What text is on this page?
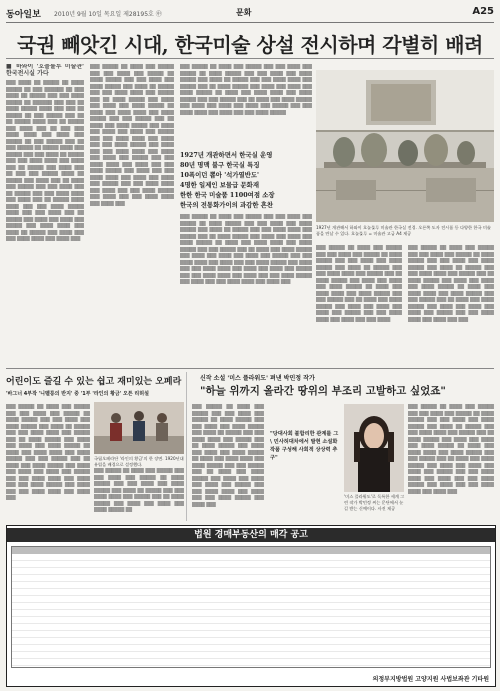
동아일보 2010년 9월 10일 목요일 제28195호 ㊥	문화	A25
국권 빼앗긴 시대, 한국미술 상설 전시하며 각별히 배려
■ 하와이 '호놀룰루 미술관' 한국전시실 가다

▒▒▒ ▒▒▒▒ ▒▒ ▒▒▒▒▒ ▒▒ ▒▒▒▒ ▒▒▒▒▒ ▒▒ ▒▒▒ ▒▒▒▒▒▒ ▒▒ ▒▒▒ ▒▒▒▒ ▒▒ ▒▒▒▒▒ ▒▒▒ ▒▒▒ ▒▒▒▒ ▒▒▒▒▒ ▒▒ ▒▒▒▒▒▒ ▒▒▒ ▒▒▒ ▒▒ ▒▒▒▒ ▒▒▒▒▒ ▒▒▒▒ ▒▒▒ ▒▒▒ ▒▒ ▒▒▒▒▒ ▒▒ ▒▒▒ ▒▒▒▒▒ ▒▒▒ ▒▒ ▒▒ ▒▒▒▒▒ ▒▒▒▒ ▒▒▒ ▒▒ ▒▒▒▒▒ ▒▒▒ ▒▒▒▒ ▒▒▒ ▒▒ ▒▒▒ ▒▒▒ ▒▒▒▒ ▒▒▒▒ ▒▒▒ ▒▒▒▒ ▒▒▒ ▒▒▒▒▒ ▒▒ ▒▒▒ ▒▒▒▒▒ ▒▒▒ ▒▒ ▒▒▒ ▒▒▒▒▒ ▒▒ ▒▒▒▒▒ ▒▒▒▒ ▒▒▒ ▒▒▒▒▒ ▒▒▒ ▒▒▒ ▒▒▒▒ ▒▒ ▒▒▒▒▒ ▒▒▒ ▒▒▒ ▒▒▒▒ ▒▒▒▒ ▒▒▒ ▒▒▒▒ ▒▒▒ ▒▒ ▒▒▒▒▒ ▒▒▒ ▒▒▒▒ ▒▒▒ ▒▒ ▒▒▒ ▒▒▒ ▒▒▒▒▒ ▒▒▒▒ ▒▒ ▒▒▒▒▒ ▒▒▒ ▒▒▒▒ ▒▒▒ ▒▒ ▒▒▒▒ ▒▒▒ ▒▒▒▒▒ ▒▒▒ ▒▒▒ ▒▒▒▒ ▒▒▒ ▒▒ ▒▒▒▒▒ ▒▒▒ ▒▒▒ ▒▒▒▒ ▒▒▒▒ ▒▒▒ ▒▒▒▒ ▒▒▒ ▒▒ ▒▒▒▒▒ ▒▒▒▒ ▒▒▒▒ ▒▒▒ ▒▒▒ ▒▒▒▒ ▒▒▒▒▒ ▒▒▒▒ ▒▒▒ ▒▒▒ ▒▒▒▒ ▒▒▒ ▒▒ ▒▒▒▒▒ ▒▒▒ ▒▒▒▒ ▒▒▒ ▒▒▒▒ ▒▒▒ ▒▒▒▒▒ ▒▒▒ ▒▒▒▒ ▒▒▒▒ ▒▒▒ ▒▒▒▒ ▒▒ ▒▒▒▒▒ ▒▒▒ ▒▒▒▒ ▒▒▒ ▒▒▒ ▒▒▒▒ ▒▒▒▒ ▒▒▒ ▒▒▒▒ ▒▒▒

▒▒▒ ▒▒▒▒▒ ▒▒ ▒▒▒▒ ▒▒▒ ▒▒▒▒▒ ▒▒▒ ▒▒▒ ▒▒▒▒ ▒▒▒ ▒▒▒▒▒ ▒▒ ▒▒▒▒ ▒▒▒▒▒ ▒▒▒ ▒▒▒ ▒▒▒▒ ▒▒▒ ▒▒▒▒ ▒▒▒▒▒ ▒▒▒ ▒▒▒▒ ▒▒ ▒▒▒▒▒ ▒▒▒ ▒▒▒ ▒▒▒▒ ▒▒▒▒ ▒▒▒ ▒▒▒▒▒ ▒▒▒ ▒▒ ▒▒▒▒ ▒▒▒▒▒ ▒▒▒ ▒▒▒▒ ▒▒▒ ▒▒▒▒ ▒▒▒ ▒▒▒▒ ▒▒▒▒▒ ▒▒ ▒▒▒▒ ▒▒▒ ▒▒▒▒ ▒▒▒▒ ▒▒▒ ▒▒▒▒ ▒▒▒▒▒ ▒▒▒ ▒▒▒ ▒▒▒▒▒ ▒▒▒ ▒▒ ▒▒▒▒ ▒▒▒ ▒▒▒▒ ▒▒▒▒▒ ▒▒▒ ▒▒▒▒ ▒▒▒ ▒▒▒▒ ▒▒▒ ▒▒▒▒ ▒▒▒ ▒▒▒▒▒ ▒▒▒ ▒▒▒ ▒▒▒▒ ▒▒▒▒ ▒▒▒ ▒▒▒▒ ▒▒▒ ▒▒▒ ▒▒▒▒ ▒▒▒▒▒ ▒▒▒ ▒▒▒▒ ▒▒▒ ▒▒▒ ▒▒▒▒ ▒▒▒▒ ▒▒▒ ▒▒▒▒ ▒▒▒ ▒▒▒▒ ▒▒▒ ▒▒▒▒▒ ▒▒▒ ▒▒▒ ▒▒▒▒ ▒▒▒▒ ▒▒▒ ▒▒▒▒ ▒▒▒ ▒▒▒ ▒▒▒▒ ▒▒▒▒▒ ▒▒▒ ▒▒▒▒ ▒▒▒ ▒▒▒ ▒▒▒▒ ▒▒▒▒ ▒▒▒ ▒▒▒▒ ▒▒▒ ▒▒▒▒ ▒▒▒ ▒▒▒▒▒ ▒▒▒ ▒▒▒ ▒▒▒▒ ▒▒▒▒ ▒▒▒ ▒▒▒▒ ▒▒▒ ▒▒▒ ▒▒▒▒ ▒▒▒▒▒ ▒▒▒ ▒▒▒▒ ▒▒▒ ▒▒▒ ▒▒▒▒ ▒▒▒▒ ▒▒▒ ▒▒▒▒ ▒▒▒

▒▒▒ ▒▒▒▒▒ ▒▒ ▒▒▒▒ ▒▒▒ ▒▒▒▒▒ ▒▒▒ ▒▒▒ ▒▒▒▒ ▒▒▒ ▒▒▒▒▒ ▒▒ ▒▒▒▒ ▒▒▒▒▒ ▒▒▒ ▒▒▒ ▒▒▒▒ ▒▒▒ ▒▒▒▒ ▒▒▒▒▒ ▒▒▒ ▒▒▒▒ ▒▒ ▒▒▒▒▒ ▒▒▒ ▒▒▒ ▒▒▒▒ ▒▒▒▒ ▒▒▒ ▒▒▒▒▒ ▒▒▒ ▒▒ ▒▒▒▒ ▒▒▒▒▒ ▒▒▒ ▒▒▒▒ ▒▒▒ ▒▒▒▒ ▒▒▒ ▒▒▒▒ ▒▒▒▒▒ ▒▒ ▒▒▒▒ ▒▒▒ ▒▒▒▒ ▒▒▒▒ ▒▒▒ ▒▒▒▒ ▒▒▒▒▒ ▒▒▒ ▒▒▒ ▒▒▒▒▒ ▒▒▒ ▒▒ ▒▒▒▒ ▒▒▒ ▒▒▒▒ ▒▒▒▒▒ ▒▒▒ ▒▒▒▒ ▒▒▒ ▒▒▒▒ ▒▒▒ ▒▒▒▒ ▒▒▒ ▒▒▒▒▒ ▒▒▒ ▒▒▒ ▒▒▒▒ ▒▒▒▒ ▒▒▒ ▒▒▒▒ ▒▒▒ ▒▒▒ ▒▒▒▒ ▒▒▒▒▒

1927년 개관하면서 한국실 운영
80년 명맥 불구 한국실 특징
10폭이던 뽑아 '석가열반도'
4명한 일제인 보물급 문화재
한한 한국 미술품 1100여점 소장
한국의 전통화가이의 과감한 흔찬

▒▒▒ ▒▒▒▒▒ ▒▒ ▒▒▒▒ ▒▒▒ ▒▒▒▒▒ ▒▒▒ ▒▒▒ ▒▒▒▒ ▒▒▒ ▒▒▒▒▒ ▒▒ ▒▒▒▒ ▒▒▒▒▒ ▒▒▒ ▒▒▒ ▒▒▒▒ ▒▒▒ ▒▒▒▒ ▒▒▒▒▒ ▒▒▒ ▒▒▒▒ ▒▒ ▒▒▒▒▒ ▒▒▒ ▒▒▒ ▒▒▒▒ ▒▒▒▒ ▒▒▒ ▒▒▒▒▒ ▒▒▒ ▒▒ ▒▒▒▒ ▒▒▒▒▒ ▒▒▒ ▒▒▒▒ ▒▒▒ ▒▒▒▒ ▒▒▒ ▒▒▒▒ ▒▒▒▒▒ ▒▒ ▒▒▒▒ ▒▒▒ ▒▒▒▒ ▒▒▒▒ ▒▒▒ ▒▒▒▒ ▒▒▒▒▒ ▒▒▒ ▒▒▒ ▒▒▒▒▒ ▒▒▒ ▒▒ ▒▒▒▒ ▒▒▒ ▒▒▒▒ ▒▒▒▒▒ ▒▒▒ ▒▒▒▒ ▒▒▒ ▒▒▒▒ ▒▒▒ ▒▒▒▒ ▒▒▒ ▒▒▒▒▒ ▒▒▒ ▒▒▒ ▒▒▒▒ ▒▒▒▒ ▒▒▒ ▒▒▒▒ ▒▒▒ ▒▒▒ ▒▒▒▒ ▒▒▒▒▒ ▒▒▒ ▒▒▒▒ ▒▒▒ ▒▒▒ ▒▒▒▒ ▒▒▒▒ ▒▒▒ ▒▒▒▒ ▒▒▒ ▒▒▒▒ ▒▒▒ ▒▒▒▒▒ ▒▒▒ ▒▒▒ ▒▒▒▒ ▒▒▒▒ ▒▒▒ ▒▒▒▒ ▒▒▒ ▒▒▒ ▒▒▒▒ ▒▒▒▒▒ ▒▒▒ ▒▒▒▒ ▒▒▒ ▒▒▒ ▒▒▒▒ ▒▒▒▒ ▒▒▒ ▒▒▒▒ ▒▒▒

1927년 개관해서 하와이 호놀룰루 미술관 한국실 전경. 오른쪽 도자 전시품 등 다양한 한국 미술품을 만날 수 있다. 호놀룰루 = 미술관 고급 A4 제공

▒▒▒ ▒▒▒▒▒ ▒▒ ▒▒▒▒ ▒▒▒ ▒▒▒▒▒ ▒▒▒ ▒▒▒ ▒▒▒▒ ▒▒▒ ▒▒▒▒▒ ▒▒ ▒▒▒▒ ▒▒▒▒▒ ▒▒▒ ▒▒▒ ▒▒▒▒ ▒▒▒ ▒▒▒▒ ▒▒▒▒▒ ▒▒▒ ▒▒▒▒ ▒▒ ▒▒▒▒▒ ▒▒▒ ▒▒▒ ▒▒▒▒ ▒▒▒▒ ▒▒▒ ▒▒▒▒▒ ▒▒▒ ▒▒ ▒▒▒▒ ▒▒▒▒▒ ▒▒▒ ▒▒▒▒ ▒▒▒ ▒▒▒▒ ▒▒▒ ▒▒▒▒ ▒▒▒▒▒ ▒▒ ▒▒▒▒ ▒▒▒ ▒▒▒▒ ▒▒▒▒ ▒▒▒ ▒▒▒▒ ▒▒▒▒▒ ▒▒▒ ▒▒▒ ▒▒▒▒▒ ▒▒▒ ▒▒ ▒▒▒▒ ▒▒▒ ▒▒▒▒ ▒▒▒▒▒ ▒▒▒ ▒▒▒▒ ▒▒▒ ▒▒▒▒ ▒▒▒ ▒▒▒▒ ▒▒▒ ▒▒▒▒▒ ▒▒▒ ▒▒▒ ▒▒▒▒ ▒▒▒▒ ▒▒▒ ▒▒▒▒ ▒▒▒ ▒▒▒ ▒▒▒▒

▒▒▒ ▒▒▒▒▒ ▒▒ ▒▒▒▒ ▒▒▒ ▒▒▒▒▒ ▒▒▒ ▒▒▒ ▒▒▒▒ ▒▒▒ ▒▒▒▒▒ ▒▒ ▒▒▒▒ ▒▒▒▒▒ ▒▒▒ ▒▒▒ ▒▒▒▒ ▒▒▒ ▒▒▒▒ ▒▒▒▒▒ ▒▒▒ ▒▒▒▒ ▒▒ ▒▒▒▒▒ ▒▒▒ ▒▒▒ ▒▒▒▒ ▒▒▒▒ ▒▒▒ ▒▒▒▒▒ ▒▒▒ ▒▒ ▒▒▒▒ ▒▒▒▒▒ ▒▒▒ ▒▒▒▒ ▒▒▒ ▒▒▒▒ ▒▒▒ ▒▒▒▒ ▒▒▒▒▒ ▒▒ ▒▒▒▒ ▒▒▒ ▒▒▒▒ ▒▒▒▒ ▒▒▒ ▒▒▒▒ ▒▒▒▒▒ ▒▒▒ ▒▒▒ ▒▒▒▒▒ ▒▒▒ ▒▒ ▒▒▒▒ ▒▒▒ ▒▒▒▒ ▒▒▒▒▒ ▒▒▒ ▒▒▒▒ ▒▒▒ ▒▒▒▒ ▒▒▒ ▒▒▒▒ ▒▒▒ ▒▒▒▒▒ ▒▒▒ ▒▒▒ ▒▒▒▒ ▒▒▒▒ ▒▒▒ ▒▒▒▒ ▒▒▒ ▒▒▒

어린이도 즐길 수 있는 쉽고 재미있는 오페라
'바그너 4부작 '니벨룽의 반지' 중 '1부 '라인의 황금' 오픈 리허설

▒▒▒ ▒▒▒▒▒ ▒▒ ▒▒▒▒ ▒▒▒ ▒▒▒▒▒ ▒▒▒ ▒▒▒ ▒▒▒▒ ▒▒▒ ▒▒▒▒▒ ▒▒ ▒▒▒▒ ▒▒▒▒▒ ▒▒▒ ▒▒▒ ▒▒▒▒ ▒▒▒ ▒▒▒▒ ▒▒▒▒▒ ▒▒▒ ▒▒▒▒ ▒▒ ▒▒▒▒▒ ▒▒▒ ▒▒▒ ▒▒▒▒ ▒▒▒▒ ▒▒▒ ▒▒▒▒▒ ▒▒▒ ▒▒ ▒▒▒▒ ▒▒▒▒▒ ▒▒▒ ▒▒▒▒ ▒▒▒ ▒▒▒▒ ▒▒▒ ▒▒▒▒ ▒▒▒▒▒ ▒▒ ▒▒▒▒ ▒▒▒ ▒▒▒▒ ▒▒▒▒ ▒▒▒ ▒▒▒▒ ▒▒▒▒▒ ▒▒▒ ▒▒▒ ▒▒▒▒▒ ▒▒▒ ▒▒ ▒▒▒▒ ▒▒▒ ▒▒▒▒ ▒▒▒▒▒ ▒▒▒ ▒▒▒▒ ▒▒▒ ▒▒▒▒ ▒▒▒ ▒▒▒▒ ▒▒▒ ▒▒▒▒▒ ▒▒▒ ▒▒▒ ▒▒▒▒ ▒▒▒▒ ▒▒▒ ▒▒▒▒ ▒▒▒ ▒▒▒ ▒▒▒▒ ▒▒▒▒▒ ▒▒▒ ▒▒▒▒ ▒▒▒ ▒▒▒ ▒▒▒▒ ▒▒▒▒ ▒▒▒ ▒▒▒▒ ▒▒▒

국립오페라단 '라인의 황금'의 한 장면. 1920년대 유럽을 배경으로 설정했다.

▒▒▒ ▒▒▒▒▒ ▒▒ ▒▒▒▒ ▒▒▒ ▒▒▒▒▒ ▒▒▒ ▒▒▒ ▒▒▒▒ ▒▒▒ ▒▒▒▒▒ ▒▒ ▒▒▒▒ ▒▒▒▒▒ ▒▒▒ ▒▒▒ ▒▒▒▒ ▒▒▒ ▒▒▒▒ ▒▒▒▒▒ ▒▒▒ ▒▒▒▒ ▒▒ ▒▒▒▒▒ ▒▒▒ ▒▒▒ ▒▒▒▒ ▒▒▒▒ ▒▒▒ ▒▒▒▒▒ ▒▒▒ ▒▒ ▒▒▒▒ ▒▒▒▒▒ ▒▒▒ ▒▒▒▒ ▒▒▒ ▒▒▒▒ ▒▒▒ ▒▒▒▒ ▒▒▒▒▒ ▒▒

신작 소설 '미스 플라워도' 펴낸 박민정 작가
"하늘 위까지 올라간 땅위의 부조리 고발하고 싶었죠"

▒▒▒ ▒▒▒▒▒ ▒▒ ▒▒▒▒ ▒▒▒ ▒▒▒▒▒ ▒▒▒ ▒▒▒ ▒▒▒▒ ▒▒▒ ▒▒▒▒▒ ▒▒ ▒▒▒▒ ▒▒▒▒▒ ▒▒▒ ▒▒▒ ▒▒▒▒ ▒▒▒ ▒▒▒▒ ▒▒▒▒▒ ▒▒▒ ▒▒▒▒ ▒▒ ▒▒▒▒▒ ▒▒▒ ▒▒▒ ▒▒▒▒ ▒▒▒▒ ▒▒▒ ▒▒▒▒▒ ▒▒▒ ▒▒ ▒▒▒▒ ▒▒▒▒▒ ▒▒▒ ▒▒▒▒ ▒▒▒ ▒▒▒▒ ▒▒▒ ▒▒▒▒ ▒▒▒▒▒ ▒▒ ▒▒▒▒ ▒▒▒ ▒▒▒▒ ▒▒▒▒ ▒▒▒ ▒▒▒▒ ▒▒▒▒▒ ▒▒▒ ▒▒▒ ▒▒▒▒▒ ▒▒▒ ▒▒ ▒▒▒▒ ▒▒▒ ▒▒▒▒ ▒▒▒▒▒ ▒▒▒ ▒▒▒▒ ▒▒▒ ▒▒▒▒ ▒▒▒ ▒▒▒▒ ▒▒▒ ▒▒▒▒▒ ▒▒▒ ▒▒▒ ▒▒▒▒ ▒▒▒▒ ▒▒▒ ▒▒▒▒ ▒▒▒ ▒▒▒ ▒▒▒▒ ▒▒▒▒▒ ▒▒▒ ▒▒▒▒ ▒▒▒

"당대사회 불합리한 관계를 그 \ 민사허대차에서 발현 소설화 작품 구성해 사회적 상상력 추구"
'미스 플라워도'로 독특한 세계 그린 작가 박민정 씨는 문단에서 눈길 받는 신예이다. 사진 제공

▒▒▒ ▒▒▒▒▒ ▒▒ ▒▒▒▒ ▒▒▒ ▒▒▒▒▒ ▒▒▒ ▒▒▒ ▒▒▒▒ ▒▒▒ ▒▒▒▒▒ ▒▒ ▒▒▒▒ ▒▒▒▒▒ ▒▒▒ ▒▒▒ ▒▒▒▒ ▒▒▒ ▒▒▒▒ ▒▒▒▒▒ ▒▒▒ ▒▒▒▒ ▒▒ ▒▒▒▒▒ ▒▒▒ ▒▒▒ ▒▒▒▒ ▒▒▒▒ ▒▒▒ ▒▒▒▒▒ ▒▒▒ ▒▒ ▒▒▒▒ ▒▒▒▒▒ ▒▒▒ ▒▒▒▒ ▒▒▒ ▒▒▒▒ ▒▒▒ ▒▒▒▒ ▒▒▒▒▒ ▒▒ ▒▒▒▒ ▒▒▒ ▒▒▒▒ ▒▒▒▒ ▒▒▒ ▒▒▒▒ ▒▒▒▒▒ ▒▒▒ ▒▒▒ ▒▒▒▒▒ ▒▒▒ ▒▒ ▒▒▒▒ ▒▒▒ ▒▒▒▒ ▒▒▒▒▒ ▒▒▒ ▒▒▒▒ ▒▒▒ ▒▒▒▒ ▒▒▒ ▒▒▒▒ ▒▒▒ ▒▒▒▒▒ ▒▒▒ ▒▒▒ ▒▒▒▒ ▒▒▒▒ ▒▒▒ ▒▒▒▒ ▒▒▒ ▒▒▒ ▒▒▒▒ ▒▒▒▒▒ ▒▒▒ ▒▒▒▒ ▒▒▒ ▒▒▒ ▒▒▒▒ ▒▒▒▒ ▒▒▒ ▒▒▒▒ ▒▒▒

법원 경매부동산의 매각 공고
의정부지방법원 고양지원 사법보좌관 기타원
